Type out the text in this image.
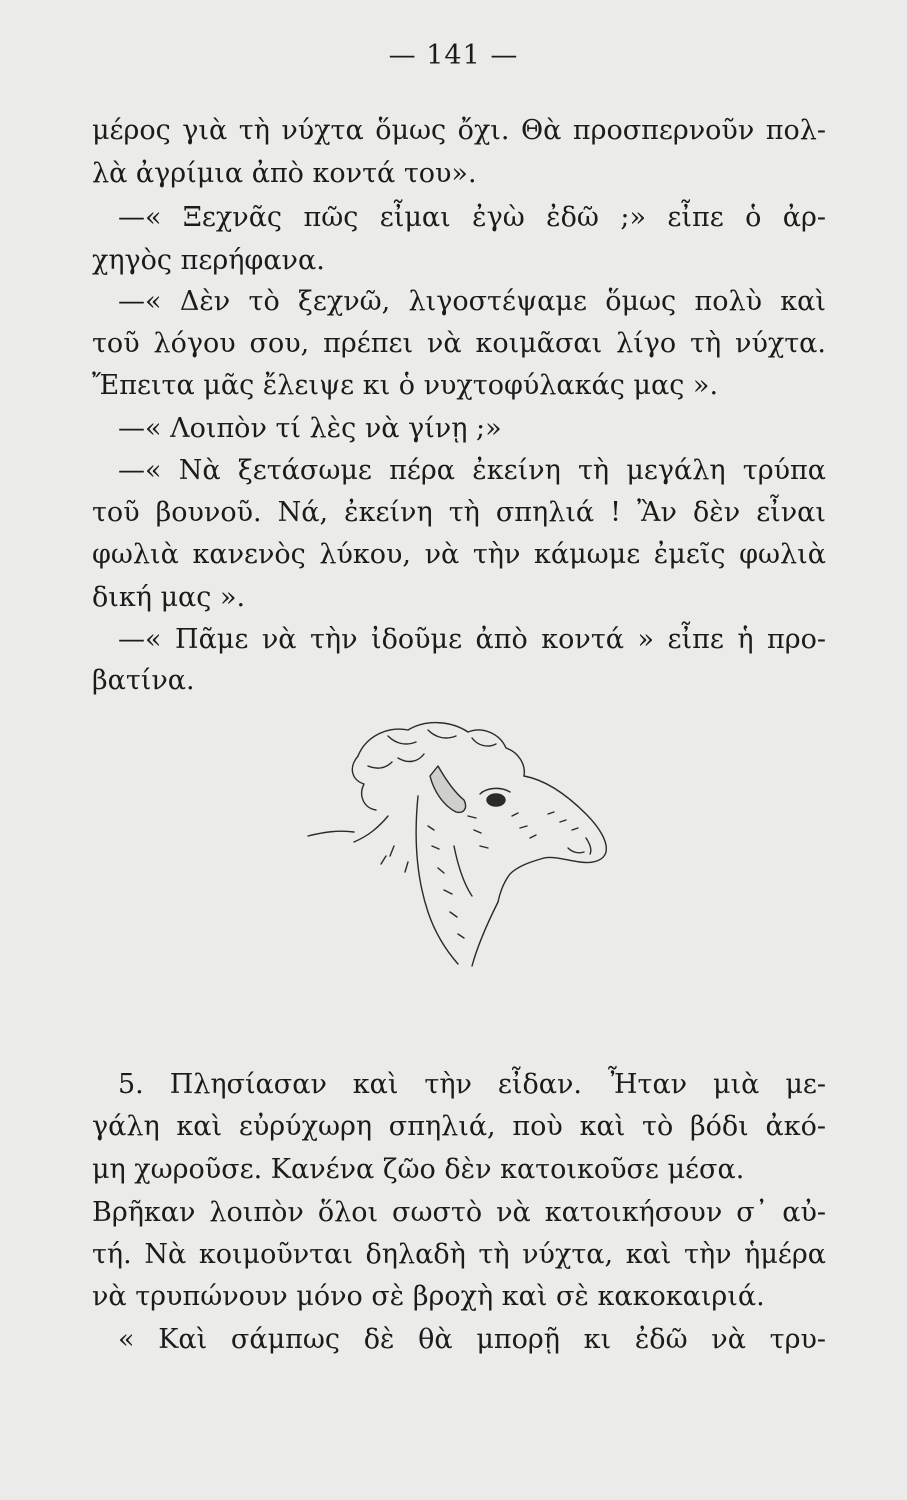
— 141 —
μέρος γιὰ τὴ νύχτα ὅμως ὄχι. Θὰ προσπερνοῦν πολ-
λὰ ἀγρίμια ἀπὸ κοντά του».
—« Ξεχνᾶς πῶς εἶμαι ἐγὼ ἐδῶ ;» εἶπε ὁ ἀρ-
χηγὸς περήφανα.
—« Δὲν τὸ ξεχνῶ, λιγοστέψαμε ὅμως πολὺ καὶ
τοῦ λόγου σου, πρέπει νὰ κοιμᾶσαι λίγο τὴ νύχτα.
Ἔπειτα μᾶς ἔλειψε κι ὁ νυχτοφύλακάς μας ».
—« Λοιπὸν τί λὲς νὰ γίνῃ ;»
—« Νὰ ξετάσωμε πέρα ἐκείνη τὴ μεγάλη τρύπα
τοῦ βουνοῦ. Νά, ἐκείνη τὴ σπηλιά ! Ἂν δὲν εἶναι
φωλιὰ κανενὸς λύκου, νὰ τὴν κάμωμε ἐμεῖς φωλιὰ
δική μας ».
—« Πᾶμε νὰ τὴν ἰδοῦμε ἀπὸ κοντά » εἶπε ἡ προ-
βατίνα.
5. Πλησίασαν καὶ τὴν εἶδαν. Ἦταν μιὰ με-
γάλη καὶ εὐρύχωρη σπηλιά, ποὺ καὶ τὸ βόδι ἀκό-
μη χωροῦσε. Κανένα ζῶο δὲν κατοικοῦσε μέσα.
Βρῆκαν λοιπὸν ὅλοι σωστὸ νὰ κατοικήσουν σ᾽ αὐ-
τή. Νὰ κοιμοῦνται δηλαδὴ τὴ νύχτα, καὶ τὴν ἡμέρα
νὰ τρυπώνουν μόνο σὲ βροχὴ καὶ σὲ κακοκαιριά.
« Καὶ σάμπως δὲ θὰ μπορῇ κι ἐδῶ νὰ τρυ-
